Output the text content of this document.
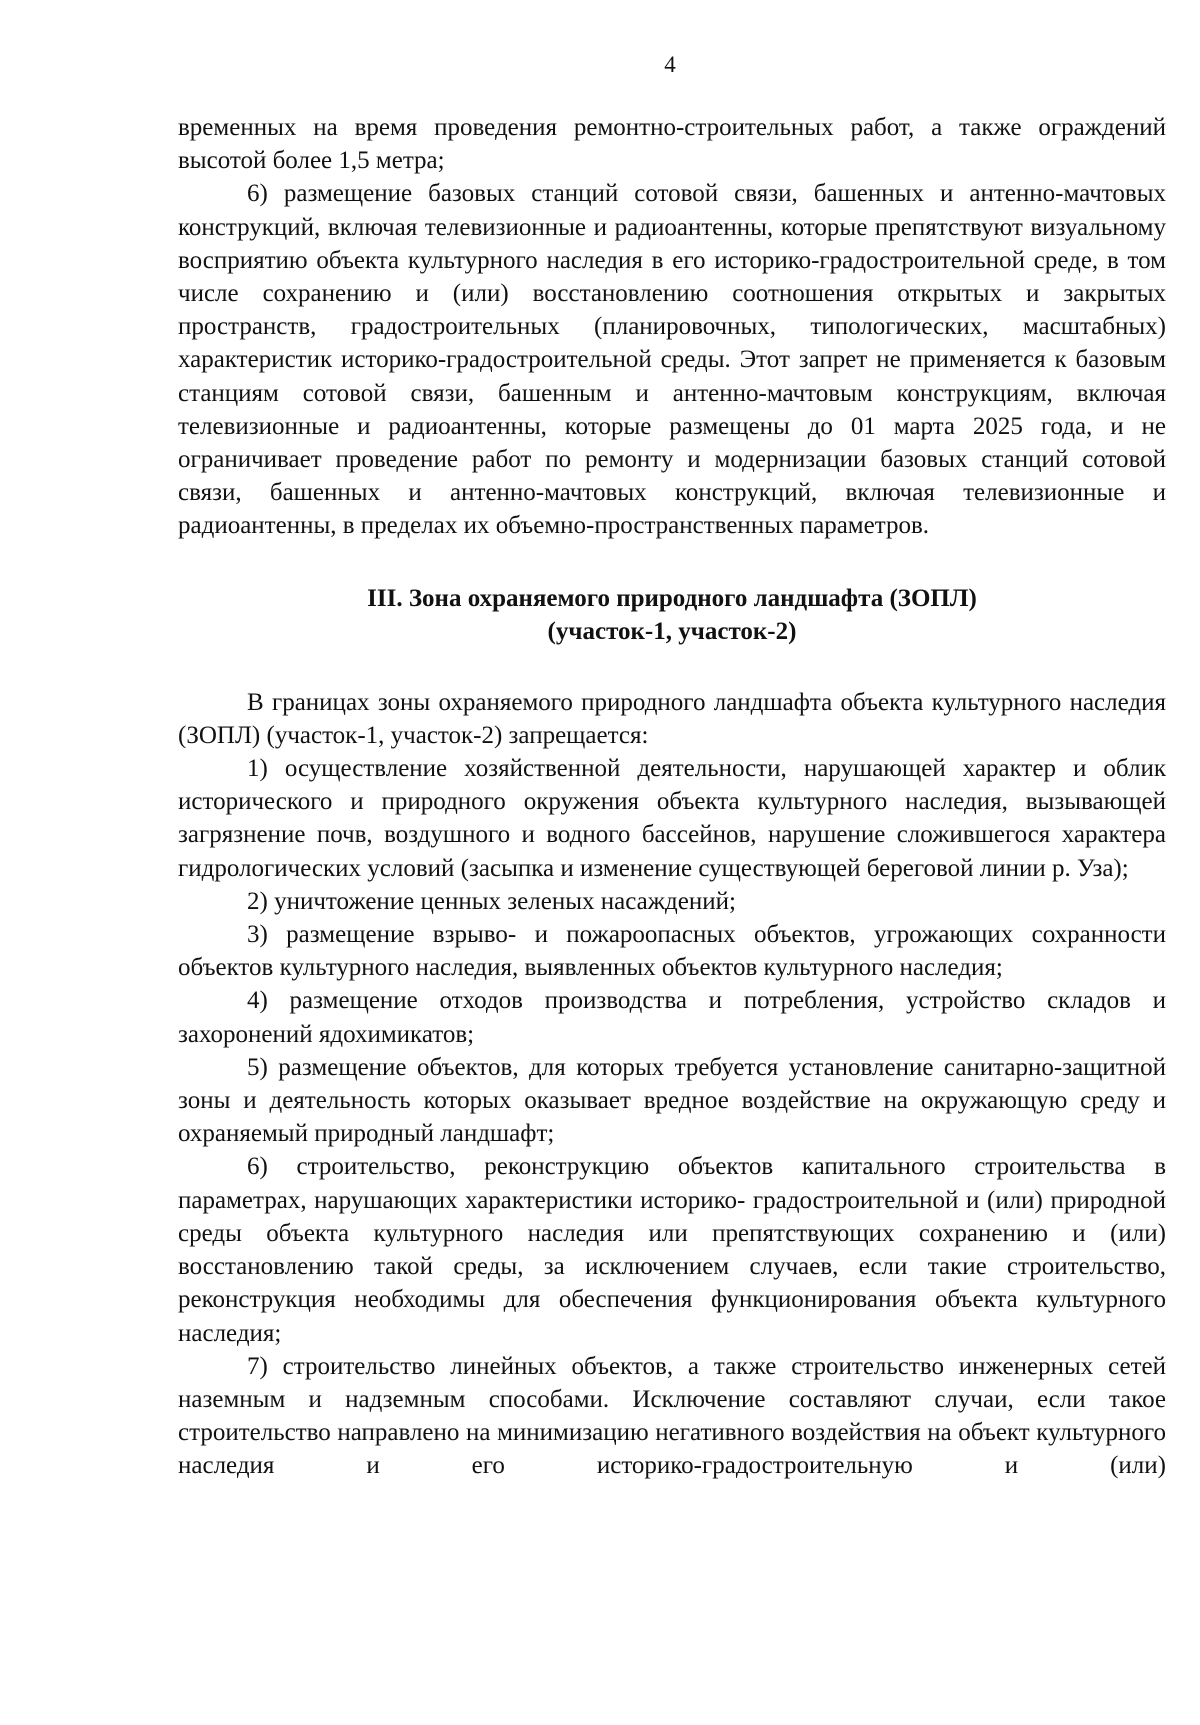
4

временных на время проведения ремонтно-строительных работ, а также ограждений высотой более 1,5 метра;

6) размещение базовых станций сотовой связи, башенных и антенно-мачтовых конструкций, включая телевизионные и радиоантенны, которые препятствуют визуальному восприятию объекта культурного наследия в его историко-градостроительной среде, в том числе сохранению и (или) восстановлению соотношения открытых и закрытых пространств, градостроительных (планировочных, типологических, масштабных) характеристик историко-градостроительной среды. Этот запрет не применяется к базовым станциям сотовой связи, башенным и антенно-мачтовым конструкциям, включая телевизионные и радиоантенны, которые размещены до 01 марта 2025 года, и не ограничивает проведение работ по ремонту и модернизации базовых станций сотовой связи, башенных и антенно-мачтовых конструкций, включая телевизионные и радиоантенны, в пределах их объемно-пространственных параметров.

III. Зона охраняемого природного ландшафта (ЗОПЛ)
(участок-1, участок-2)

В границах зоны охраняемого природного ландшафта объекта культурного наследия (ЗОПЛ) (участок-1, участок-2) запрещается:

1) осуществление хозяйственной деятельности, нарушающей характер и облик исторического и природного окружения объекта культурного наследия, вызывающей загрязнение почв, воздушного и водного бассейнов, нарушение сложившегося характера гидрологических условий (засыпка и изменение существующей береговой линии р. Уза);

2) уничтожение ценных зеленых насаждений;

3) размещение взрыво- и пожароопасных объектов, угрожающих сохранности объектов культурного наследия, выявленных объектов культурного наследия;

4) размещение отходов производства и потребления, устройство складов и захоронений ядохимикатов;

5) размещение объектов, для которых требуется установление санитарно-защитной зоны и деятельность которых оказывает вредное воздействие на окружающую среду и охраняемый природный ландшафт;

6) строительство, реконструкцию объектов капитального строительства в параметрах, нарушающих характеристики историко- градостроительной и (или) природной среды объекта культурного наследия или препятствующих сохранению и (или) восстановлению такой среды, за исключением случаев, если такие строительство, реконструкция необходимы для обеспечения функционирования объекта культурного наследия;

7) строительство линейных объектов, а также строительство инженерных сетей наземным и надземным способами. Исключение составляют случаи, если такое строительство направлено на минимизацию негативного воздействия на объект культурного наследия и его историко-градостроительную и (или)
